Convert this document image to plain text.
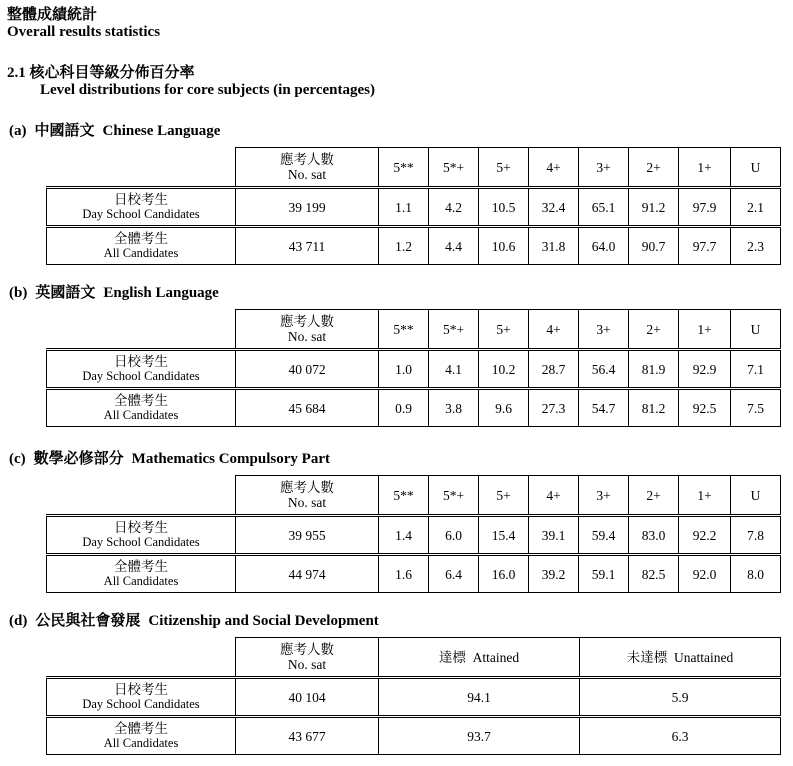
整體成績統計
Overall results statistics
2.1 核心科目等級分佈百分率
Level distributions for core subjects (in percentages)
(a) 中國語文 Chinese Language

	應考人數
No. sat	5**	5*+	5+	4+	3+	2+	1+	U

日校考生
Day School Candidates	39 199	1.1	4.2	10.5	32.4	65.1	91.2	97.9	2.1

全體考生
All Candidates	43 711	1.2	4.4	10.6	31.8	64.0	90.7	97.7	2.3
(b) 英國語文 English Language

	應考人數
No. sat	5**	5*+	5+	4+	3+	2+	1+	U

日校考生
Day School Candidates	40 072	1.0	4.1	10.2	28.7	56.4	81.9	92.9	7.1

全體考生
All Candidates	45 684	0.9	3.8	9.6	27.3	54.7	81.2	92.5	7.5
(c) 數學必修部分 Mathematics Compulsory Part

	應考人數
No. sat	5**	5*+	5+	4+	3+	2+	1+	U

日校考生
Day School Candidates	39 955	1.4	6.0	15.4	39.1	59.4	83.0	92.2	7.8

全體考生
All Candidates	44 974	1.6	6.4	16.0	39.2	59.1	82.5	92.0	8.0
(d) 公民與社會發展 Citizenship and Social Development

	應考人數
No. sat	達標 Attained	未達標 Unattained

日校考生
Day School Candidates	40 104	94.1	5.9

全體考生
All Candidates	43 677	93.7	6.3
